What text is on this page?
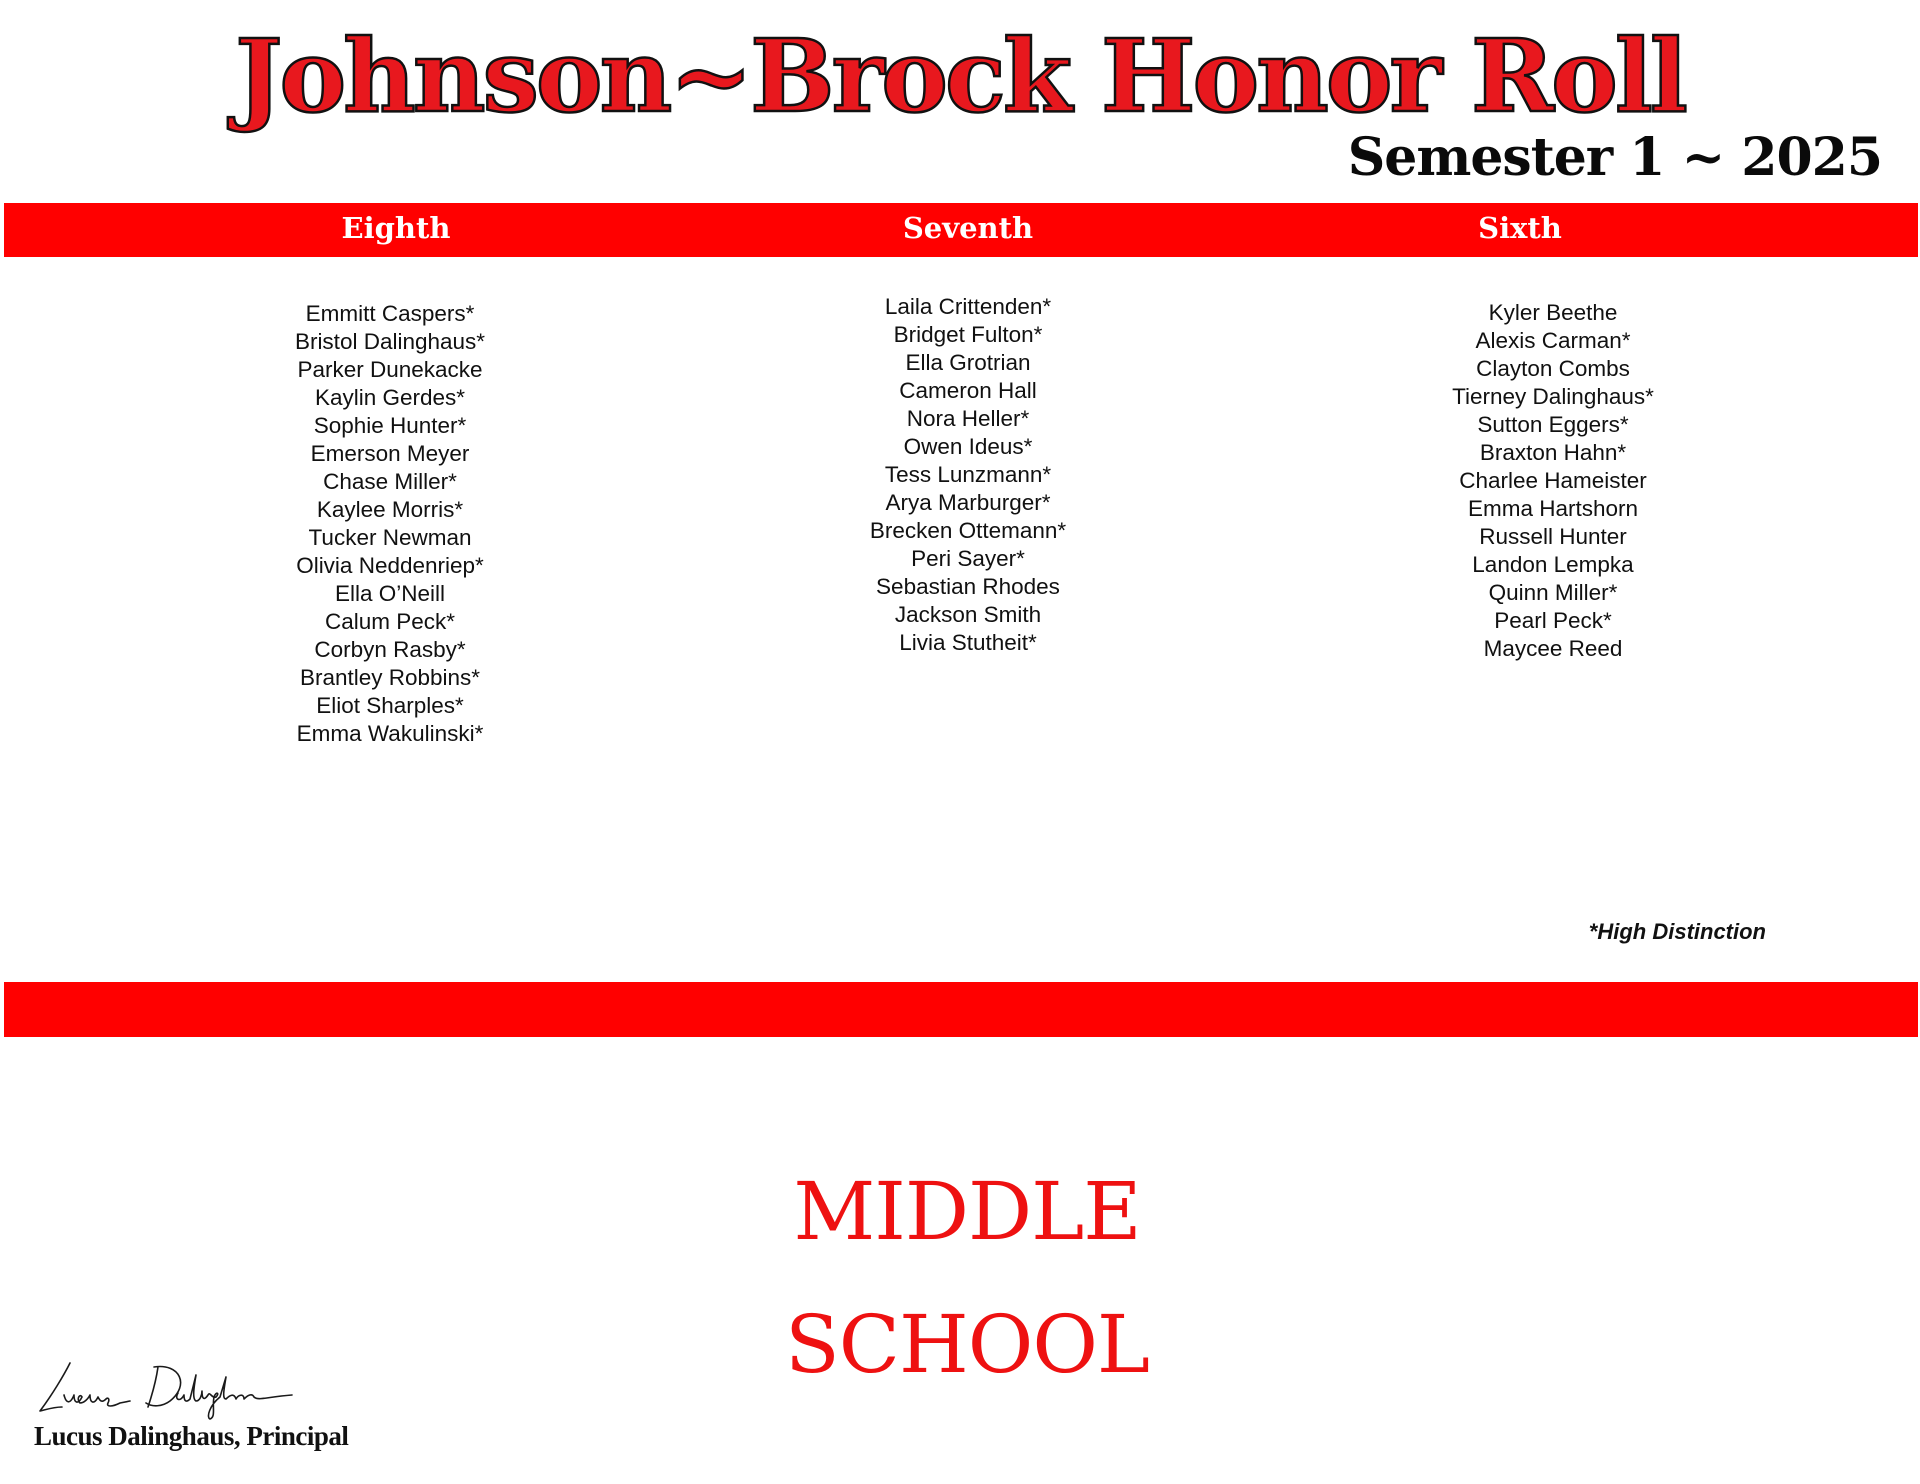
Johnson~Brock Honor Roll
Semester 1 ~ 2025
Eighth	Seventh	Sixth
Emmitt Caspers*
Bristol Dalinghaus*
Parker Dunekacke
Kaylin Gerdes*
Sophie Hunter*
Emerson Meyer
Chase Miller*
Kaylee Morris*
Tucker Newman
Olivia Neddenriep*
Ella O’Neill
Calum Peck*
Corbyn Rasby*
Brantley Robbins*
Eliot Sharples*
Emma Wakulinski*
Laila Crittenden*
Bridget Fulton*
Ella Grotrian
Cameron Hall
Nora Heller*
Owen Ideus*
Tess Lunzmann*
Arya Marburger*
Brecken Ottemann*
Peri Sayer*
Sebastian Rhodes
Jackson Smith
Livia Stutheit*
Kyler Beethe
Alexis Carman*
Clayton Combs
Tierney Dalinghaus*
Sutton Eggers*
Braxton Hahn*
Charlee Hameister
Emma Hartshorn
Russell Hunter
Landon Lempka
Quinn Miller*
Pearl Peck*
Maycee Reed
*High Distinction
MIDDLE
SCHOOL
Lucus Dalinghaus, Principal
